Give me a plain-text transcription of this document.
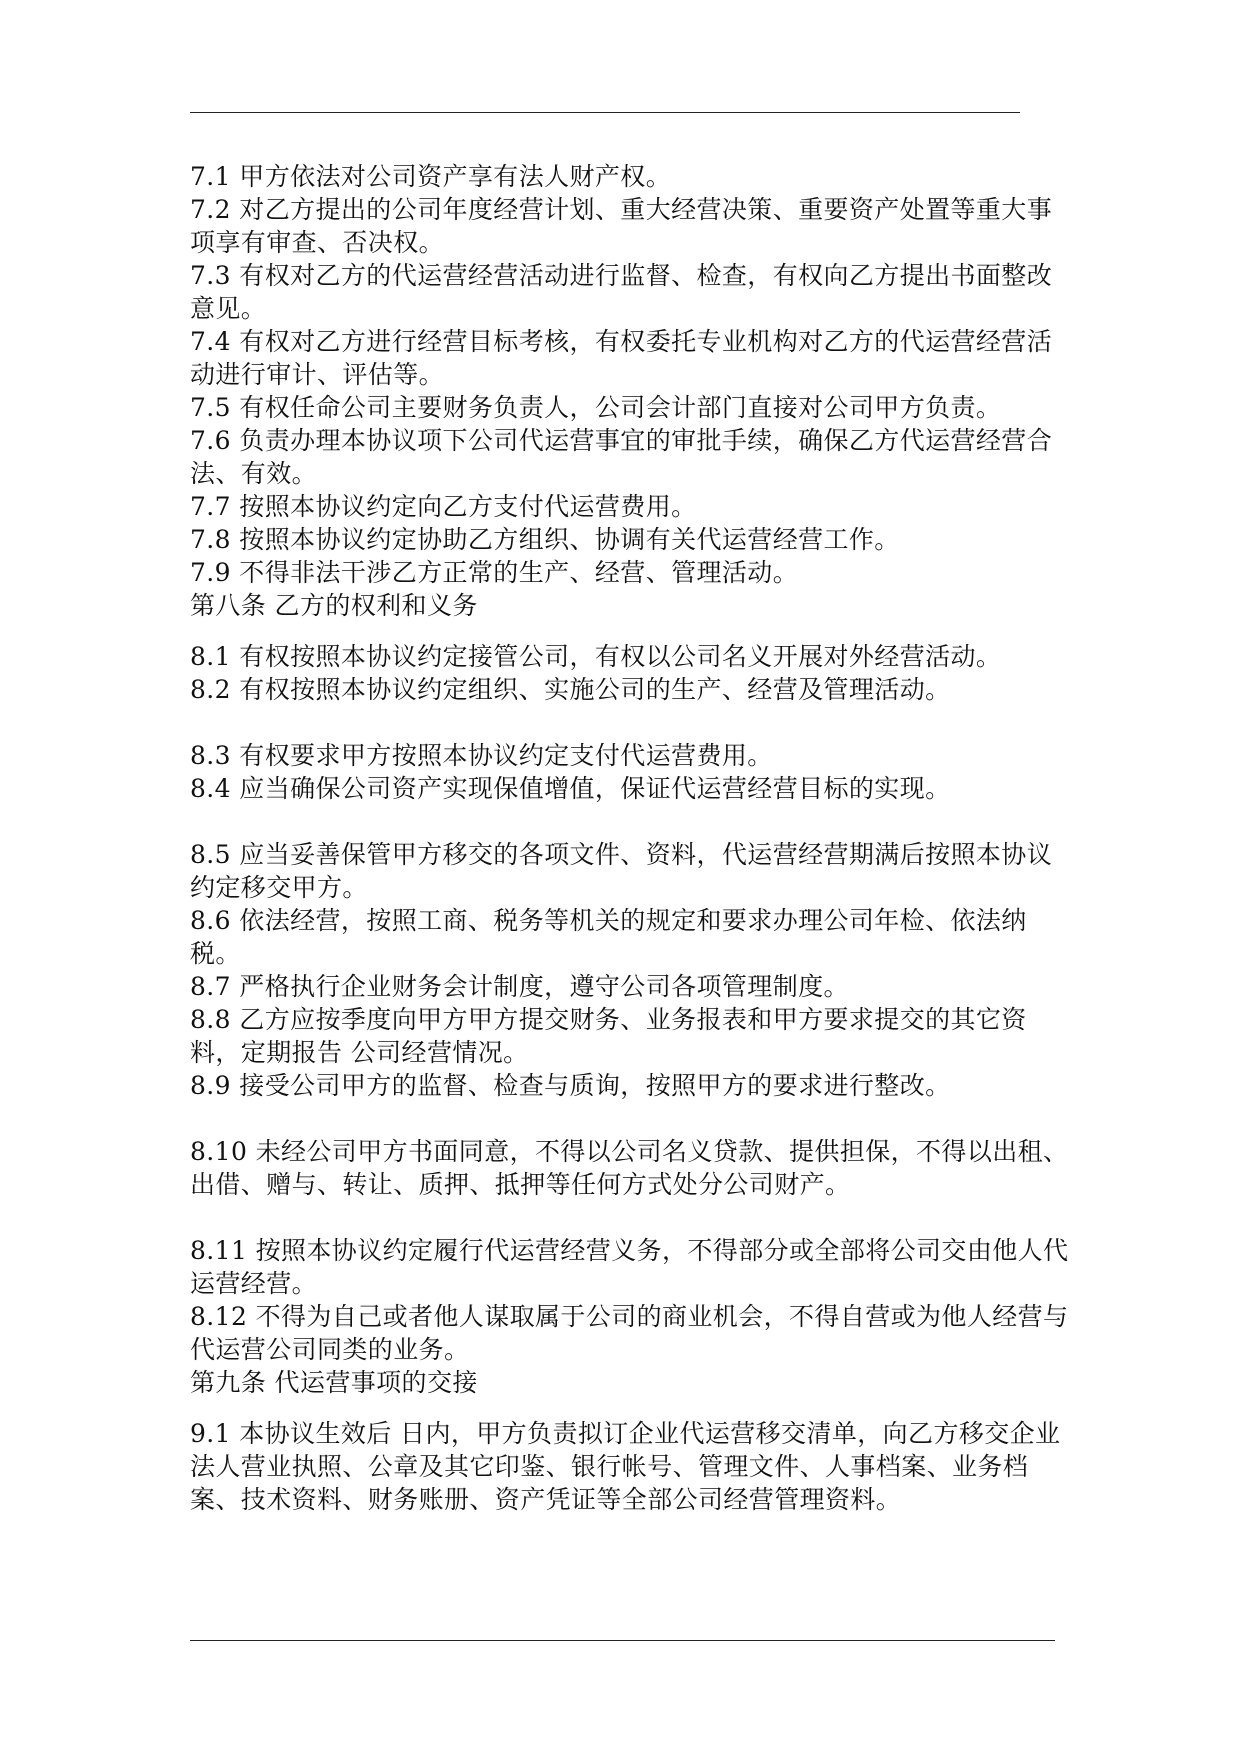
7.1 甲方依法对公司资产享有法人财产权。

7.2 对乙方提出的公司年度经营计划、重大经营决策、重要资产处置等重大事项享有审查、否决权。

7.3 有权对乙方的代运营经营活动进行监督、检查，有权向乙方提出书面整改意见。

7.4 有权对乙方进行经营目标考核，有权委托专业机构对乙方的代运营经营活动进行审计、评估等。

7.5 有权任命公司主要财务负责人，公司会计部门直接对公司甲方负责。

7.6 负责办理本协议项下公司代运营事宜的审批手续，确保乙方代运营经营合法、有效。

7.7 按照本协议约定向乙方支付代运营费用。

7.8 按照本协议约定协助乙方组织、协调有关代运营经营工作。

7.9 不得非法干涉乙方正常的生产、经营、管理活动。

第八条 乙方的权利和义务

8.1 有权按照本协议约定接管公司，有权以公司名义开展对外经营活动。

8.2 有权按照本协议约定组织、实施公司的生产、经营及管理活动。

8.3 有权要求甲方按照本协议约定支付代运营费用。

8.4 应当确保公司资产实现保值增值，保证代运营经营目标的实现。

8.5 应当妥善保管甲方移交的各项文件、资料，代运营经营期满后按照本协议约定移交甲方。

8.6 依法经营，按照工商、税务等机关的规定和要求办理公司年检、依法纳税。

8.7 严格执行企业财务会计制度，遵守公司各项管理制度。

8.8 乙方应按季度向甲方甲方提交财务、业务报表和甲方要求提交的其它资料，定期报告 公司经营情况。

8.9 接受公司甲方的监督、检查与质询，按照甲方的要求进行整改。

8.10 未经公司甲方书面同意，不得以公司名义贷款、提供担保，不得以出租、出借、赠与、转让、质押、抵押等任何方式处分公司财产。

8.11 按照本协议约定履行代运营经营义务，不得部分或全部将公司交由他人代运营经营。

8.12 不得为自己或者他人谋取属于公司的商业机会，不得自营或为他人经营与代运营公司同类的业务。

第九条 代运营事项的交接

9.1 本协议生效后 日内，甲方负责拟订企业代运营移交清单，向乙方移交企业法人营业执照、公章及其它印鉴、银行帐号、管理文件、人事档案、业务档案、技术资料、财务账册、资产凭证等全部公司经营管理资料。
